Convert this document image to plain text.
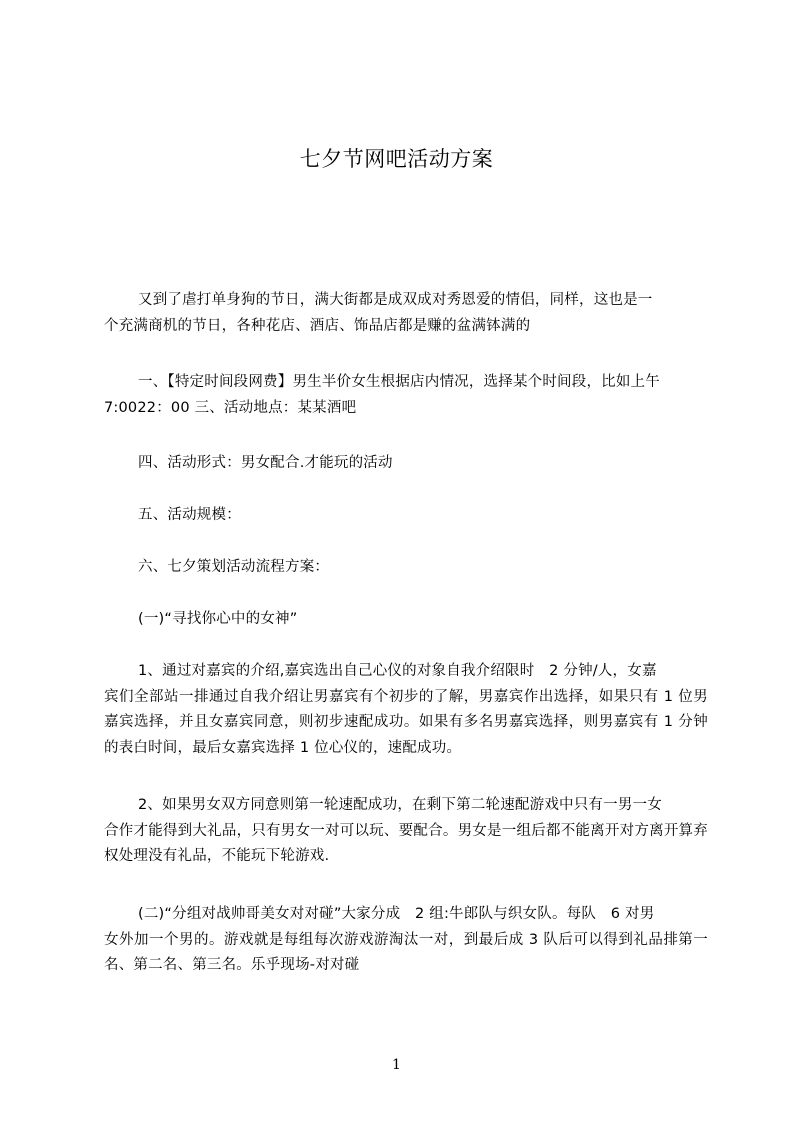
七夕节网吧活动方案
又到了虐打单身狗的节日，满大街都是成双成对秀恩爱的情侣，同样，这也是一
个充满商机的节日，各种花店、酒店、饰品店都是赚的盆满钵满的
一、【特定时间段网费】男生半价女生根据店内情况，选择某个时间段，比如上午
7:0022：00 三、活动地点：某某酒吧
四、活动形式：男女配合.才能玩的活动
五、活动规模：
六、七夕策划活动流程方案：
(一)“寻找你心中的女神”
1、通过对嘉宾的介绍,嘉宾选出自己心仪的对象自我介绍限时　2 分钟/人，女嘉
宾们全部站一排通过自我介绍让男嘉宾有个初步的了解，男嘉宾作出选择，如果只有 1 位男嘉宾选择，并且女嘉宾同意，则初步速配成功。如果有多名男嘉宾选择，则男嘉宾有 1 分钟的表白时间，最后女嘉宾选择 1 位心仪的，速配成功。
2、如果男女双方同意则第一轮速配成功，在剩下第二轮速配游戏中只有一男一女
合作才能得到大礼品，只有男女一对可以玩、要配合。男女是一组后都不能离开对方离开算弃权处理没有礼品，不能玩下轮游戏.
(二)“分组对战帅哥美女对对碰”大家分成　2 组:牛郎队与织女队。每队　6 对男
女外加一个男的。游戏就是每组每次游戏游淘汰一对，到最后成 3 队后可以得到礼品排第一名、第二名、第三名。乐乎现场-对对碰
1
